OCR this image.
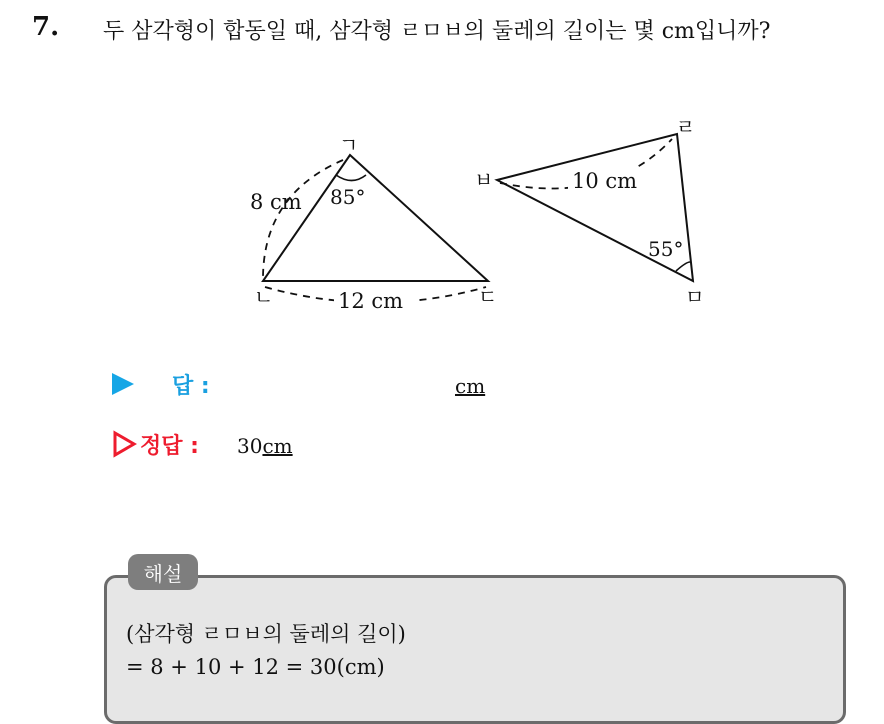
7. 두 삼각형이 합동일 때, 삼각형 ㄹㅁㅂ의 둘레의 길이는 몇 cm입니까?
ㄱ
ㄴ	ㄷ
8 cm
12 cm
85°
ㅂ
ㄹ
ㅁ
10 cm
55°
답 :	cm
정답 : 30cm
해설
(삼각형 ㄹㅁㅂ의 둘레의 길이)
= 8 + 10 + 12 = 30(cm)
